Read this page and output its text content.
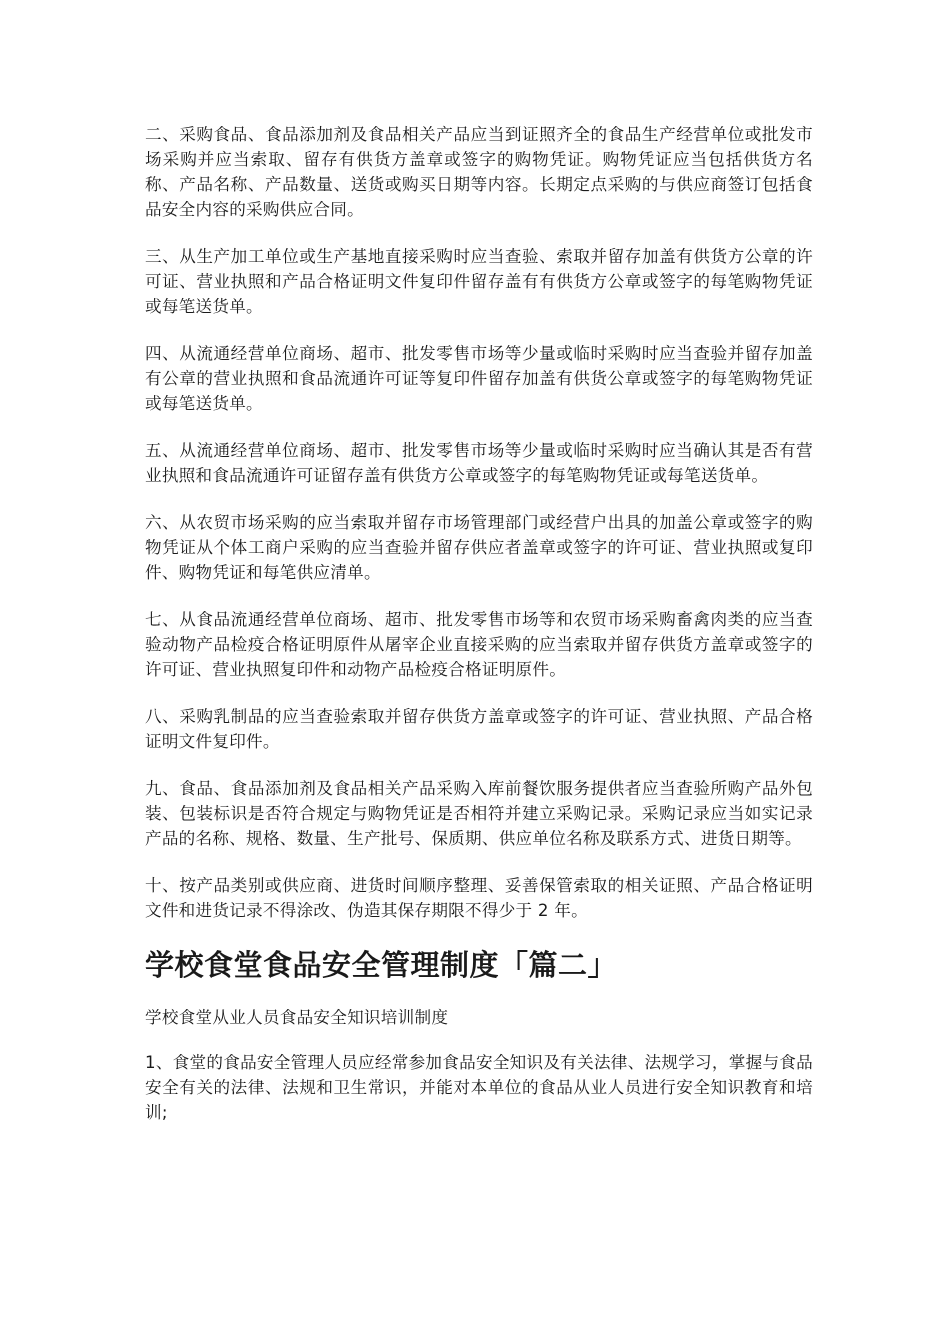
二、采购食品、食品添加剂及食品相关产品应当到证照齐全的食品生产经营单位或批发市场采购并应当索取、留存有供货方盖章或签字的购物凭证。购物凭证应当包括供货方名称、产品名称、产品数量、送货或购买日期等内容。长期定点采购的与供应商签订包括食品安全内容的采购供应合同。

三、从生产加工单位或生产基地直接采购时应当查验、索取并留存加盖有供货方公章的许可证、营业执照和产品合格证明文件复印件留存盖有有供货方公章或签字的每笔购物凭证或每笔送货单。

四、从流通经营单位商场、超市、批发零售市场等少量或临时采购时应当查验并留存加盖有公章的营业执照和食品流通许可证等复印件留存加盖有供货公章或签字的每笔购物凭证或每笔送货单。

五、从流通经营单位商场、超市、批发零售市场等少量或临时采购时应当确认其是否有营业执照和食品流通许可证留存盖有供货方公章或签字的每笔购物凭证或每笔送货单。

六、从农贸市场采购的应当索取并留存市场管理部门或经营户出具的加盖公章或签字的购物凭证从个体工商户采购的应当查验并留存供应者盖章或签字的许可证、营业执照或复印件、购物凭证和每笔供应清单。

七、从食品流通经营单位商场、超市、批发零售市场等和农贸市场采购畜禽肉类的应当查验动物产品检疫合格证明原件从屠宰企业直接采购的应当索取并留存供货方盖章或签字的许可证、营业执照复印件和动物产品检疫合格证明原件。

八、采购乳制品的应当查验索取并留存供货方盖章或签字的许可证、营业执照、产品合格证明文件复印件。

九、食品、食品添加剂及食品相关产品采购入库前餐饮服务提供者应当查验所购产品外包装、包装标识是否符合规定与购物凭证是否相符并建立采购记录。采购记录应当如实记录产品的名称、规格、数量、生产批号、保质期、供应单位名称及联系方式、进货日期等。

十、按产品类别或供应商、进货时间顺序整理、妥善保管索取的相关证照、产品合格证明文件和进货记录不得涂改、伪造其保存期限不得少于 2 年。

学校食堂食品安全管理制度「篇二」

学校食堂从业人员食品安全知识培训制度

1、食堂的食品安全管理人员应经常参加食品安全知识及有关法律、法规学习，掌握与食品安全有关的法律、法规和卫生常识，并能对本单位的食品从业人员进行安全知识教育和培训;
